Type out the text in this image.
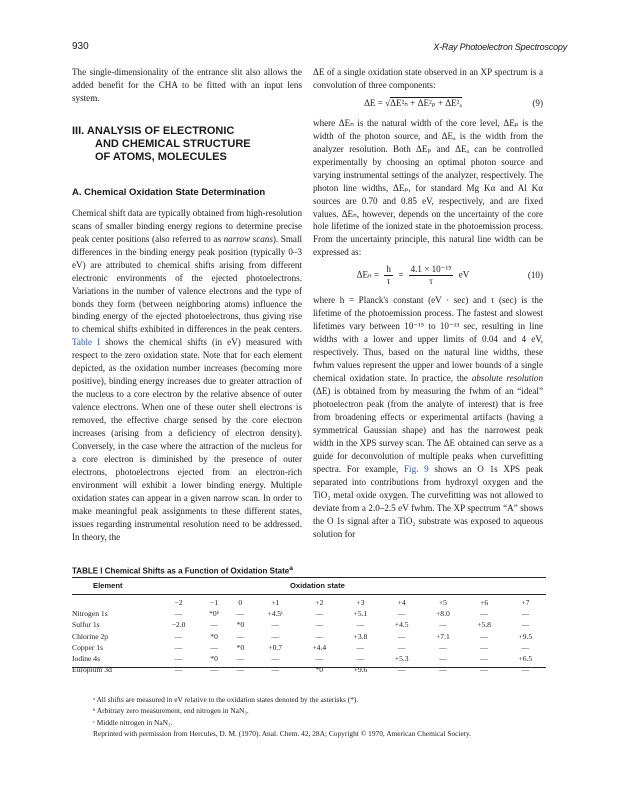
930	X-Ray Photoelectron Spectroscopy

The single-dimensionality of the entrance slit also allows the added benefit for the CHA to be fitted with an input lens system.

III. ANALYSIS OF ELECTRONIC
AND CHEMICAL STRUCTURE
OF ATOMS, MOLECULES
A. Chemical Oxidation State Determination

Chemical shift data are typically obtained from high-resolution scans of smaller binding energy regions to determine precise peak center positions (also referred to as narrow scans). Small differences in the binding energy peak position (typically 0–3 eV) are attributed to chemical shifts arising from different electronic environments of the ejected photoelectrons. Variations in the number of valence electrons and the type of bonds they form (between neighboring atoms) influence the binding energy of the ejected photoelectrons, thus giving rise to chemical shifts exhibited in differences in the peak centers. Table I shows the chemical shifts (in eV) measured with respect to the zero oxidation state. Note that for each element depicted, as the oxidation number increases (becoming more positive), binding energy increases due to greater attraction of the nucleus to a core electron by the relative absence of outer valence electrons. When one of these outer shell electrons is removed, the effective charge sensed by the core electron increases (arising from a deficiency of electron density). Conversely, in the case where the attraction of the nucleus for a core electron is diminished by the presence of outer electrons, photoelectrons ejected from an electron-rich environment will exhibit a lower binding energy. Multiple oxidation states can appear in a given narrow scan. In order to make meaningful peak assignments to these different states, issues regarding instrumental resolution need to be addressed. In theory, the

ΔE of a single oxidation state observed in an XP spectrum is a convolution of three components:

ΔE = √ΔE²ₙ + ΔE²ₚ + ΔE²ₐ	(9)

where ΔEₙ is the natural width of the core level, ΔEₚ is the width of the photon source, and ΔEₐ is the width from the analyzer resolution. Both ΔEₚ and ΔEₐ can be controlled experimentally by choosing an optimal photon source and varying instrumental settings of the analyzer, respectively. The photon line widths, ΔEₚ, for standard Mg Kα and Al Kα sources are 0.70 and 0.85 eV, respectively, and are fixed values. ΔEₙ, however, depends on the uncertainty of the core hole lifetime of the ionized state in the photoemission process. From the uncertainty principle, this natural line width can be expressed as:

$\Delta E_n = \frac{h}{\tau} = \frac{\text{4.1 × 10⁻¹⁵}}{\tau}$ eV	(10)

where h = Planck's constant (eV · sec) and τ (sec) is the lifetime of the photoemission process. The fastest and slowest lifetimes vary between 10⁻¹⁵ to 10⁻¹³ sec, resulting in line widths with a lower and upper limits of 0.04 and 4 eV, respectively. Thus, based on the natural line widths, these fwhm values represent the upper and lower bounds of a single chemical oxidation state. In practice, the absolute resolution (ΔE) is obtained from by measuring the fwhm of an “ideal” photoelectron peak (from the analyte of interest) that is free from broadening effects or experimental artifacts (having a symmetrical Gaussian shape) and has the narrowest peak width in the XPS survey scan. The ΔE obtained can serve as a guide for deconvolution of multiple peaks when curvefitting spectra. For example, Fig. 9 shows an O 1s XPS peak separated into contributions from hydroxyl oxygen and the TiO₂ metal oxide oxygen. The curvefitting was not allowed to deviate from a 2.0–2.5 eV fwhm. The XP spectrum “A” shows the O 1s signal after a TiO₂ substrate was exposed to aqueous solution for

TABLE I Chemical Shifts as a Function of Oxidation State$^a$
Element	Oxidation state
	−2	−1	0	+1	+2	+3	+4	+5	+6	+7
Nitrogen 1s	—	*0ᵇ	—	+4.5ᶜ	—	+5.1	—	+8.0	—	—
Sulfur 1s	−2.0	—	*0	—	—	—	+4.5	—	+5.8	—
Chlorine 2p	—	*0	—	—	—	+3.8	—	+7.1	—	+9.5
Copper 1s	—	—	*0	+0.7	+4.4	—	—	—	—	—
Iodine 4s	—	*0	—	—	—	—	+5.3	—	—	+6.5
Europium 3d	—	—	—	—	*0	+9.6	—	—	—	—
ᵃ All shifts are measured in eV relative to the oxidation states denoted by the asterisks (*).
ᵇ Arbitrary zero measurement, end nitrogen in NaN₃.
ᶜ Middle nitrogen in NaN₃.
Reprinted with permission from Hercules, D. M. (1970). Anal. Chem. 42, 28A; Copyright © 1970, American Chemical Society.
